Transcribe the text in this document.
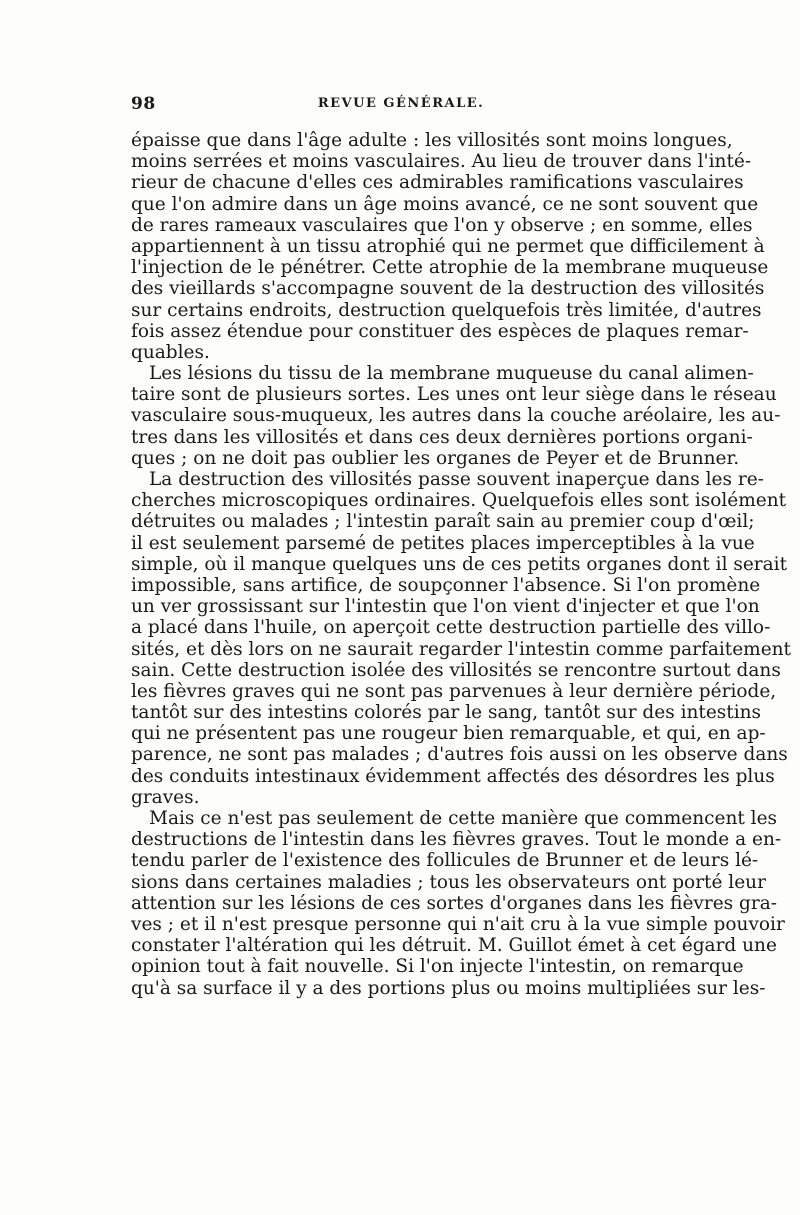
98	REVUE GÉNÉRALE.
épaisse que dans l'âge adulte : les villosités sont moins longues,
moins serrées et moins vasculaires. Au lieu de trouver dans l'inté-
rieur de chacune d'elles ces admirables ramifications vasculaires
que l'on admire dans un âge moins avancé, ce ne sont souvent que
de rares rameaux vasculaires que l'on y observe ; en somme, elles
appartiennent à un tissu atrophié qui ne permet que difficilement à
l'injection de le pénétrer. Cette atrophie de la membrane muqueuse
des vieillards s'accompagne souvent de la destruction des villosités
sur certains endroits, destruction quelquefois très limitée, d'autres
fois assez étendue pour constituer des espèces de plaques remar-
quables.
Les lésions du tissu de la membrane muqueuse du canal alimen-
taire sont de plusieurs sortes. Les unes ont leur siège dans le réseau
vasculaire sous-muqueux, les autres dans la couche aréolaire, les au-
tres dans les villosités et dans ces deux dernières portions organi-
ques ; on ne doit pas oublier les organes de Peyer et de Brunner.
La destruction des villosités passe souvent inaperçue dans les re-
cherches microscopiques ordinaires. Quelquefois elles sont isolément
détruites ou malades ; l'intestin paraît sain au premier coup d'œil;
il est seulement parsemé de petites places imperceptibles à la vue
simple, où il manque quelques uns de ces petits organes dont il serait
impossible, sans artifice, de soupçonner l'absence. Si l'on promène
un ver grossissant sur l'intestin que l'on vient d'injecter et que l'on
a placé dans l'huile, on aperçoit cette destruction partielle des villo-
sités, et dès lors on ne saurait regarder l'intestin comme parfaitement
sain. Cette destruction isolée des villosités se rencontre surtout dans
les fièvres graves qui ne sont pas parvenues à leur dernière période,
tantôt sur des intestins colorés par le sang, tantôt sur des intestins
qui ne présentent pas une rougeur bien remarquable, et qui, en ap-
parence, ne sont pas malades ; d'autres fois aussi on les observe dans
des conduits intestinaux évidemment affectés des désordres les plus
graves.
Mais ce n'est pas seulement de cette manière que commencent les
destructions de l'intestin dans les fièvres graves. Tout le monde a en-
tendu parler de l'existence des follicules de Brunner et de leurs lé-
sions dans certaines maladies ; tous les observateurs ont porté leur
attention sur les lésions de ces sortes d'organes dans les fièvres gra-
ves ; et il n'est presque personne qui n'ait cru à la vue simple pouvoir
constater l'altération qui les détruit. M. Guillot émet à cet égard une
opinion tout à fait nouvelle. Si l'on injecte l'intestin, on remarque
qu'à sa surface il y a des portions plus ou moins multipliées sur les-
